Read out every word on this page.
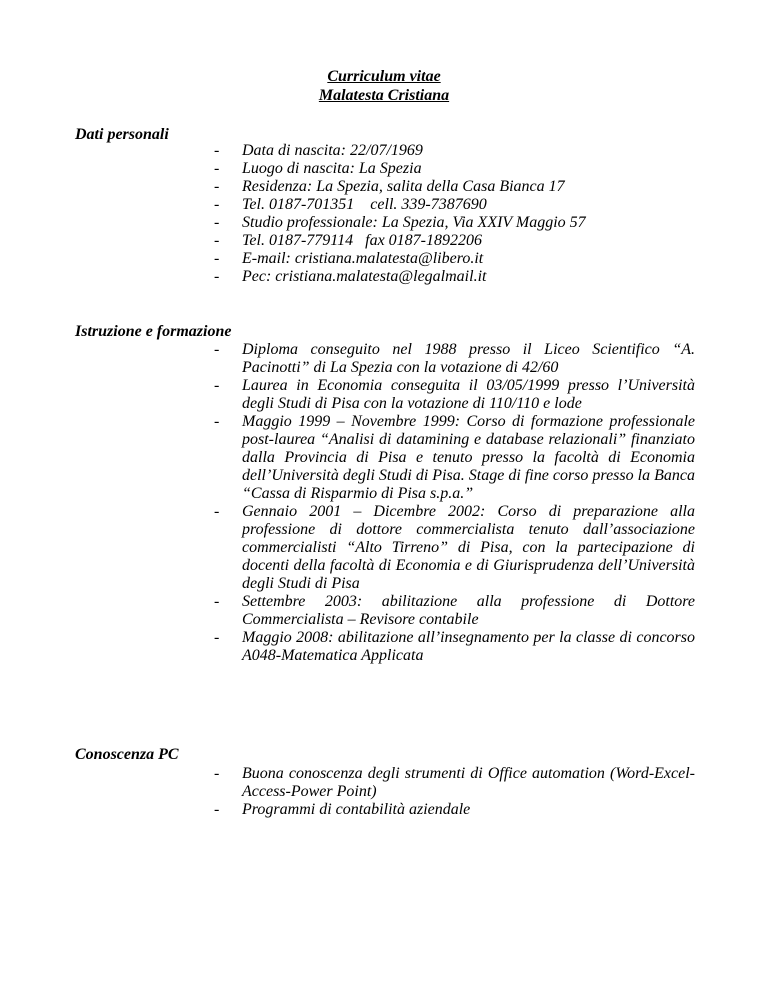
Curriculum vitae
Malatesta Cristiana
Dati personali
- Data di nascita: 22/07/1969
- Luogo di nascita: La Spezia
- Residenza: La Spezia, salita della Casa Bianca 17
- Tel. 0187-701351    cell. 339-7387690
- Studio professionale: La Spezia, Via XXIV Maggio 57
- Tel. 0187-779114   fax 0187-1892206
- E-mail: cristiana.malatesta@libero.it
- Pec: cristiana.malatesta@legalmail.it
Istruzione e formazione
- Diploma conseguito nel 1988 presso il Liceo Scientifico “A. Pacinotti” di La Spezia con la votazione di 42/60
- Laurea in Economia conseguita il 03/05/1999 presso l’Università degli Studi di Pisa con la votazione di 110/110 e lode
- Maggio 1999 – Novembre 1999: Corso di formazione professionale post-laurea “Analisi di datamining e database relazionali” finanziato dalla Provincia di Pisa e tenuto presso la facoltà di Economia dell’Università degli Studi di Pisa. Stage di fine corso presso la Banca “Cassa di Risparmio di Pisa s.p.a.”
- Gennaio 2001 – Dicembre 2002: Corso di preparazione alla professione di dottore commercialista tenuto dall’associazione commercialisti “Alto Tirreno” di Pisa, con la partecipazione di docenti della facoltà di Economia e di Giurisprudenza dell’Università degli Studi di Pisa
- Settembre 2003: abilitazione alla professione di Dottore Commercialista – Revisore contabile
- Maggio 2008: abilitazione all’insegnamento per la classe di concorso A048-Matematica Applicata
Conoscenza PC
- Buona conoscenza degli strumenti di Office automation (Word-Excel-Access-Power Point)
- Programmi di contabilità aziendale
